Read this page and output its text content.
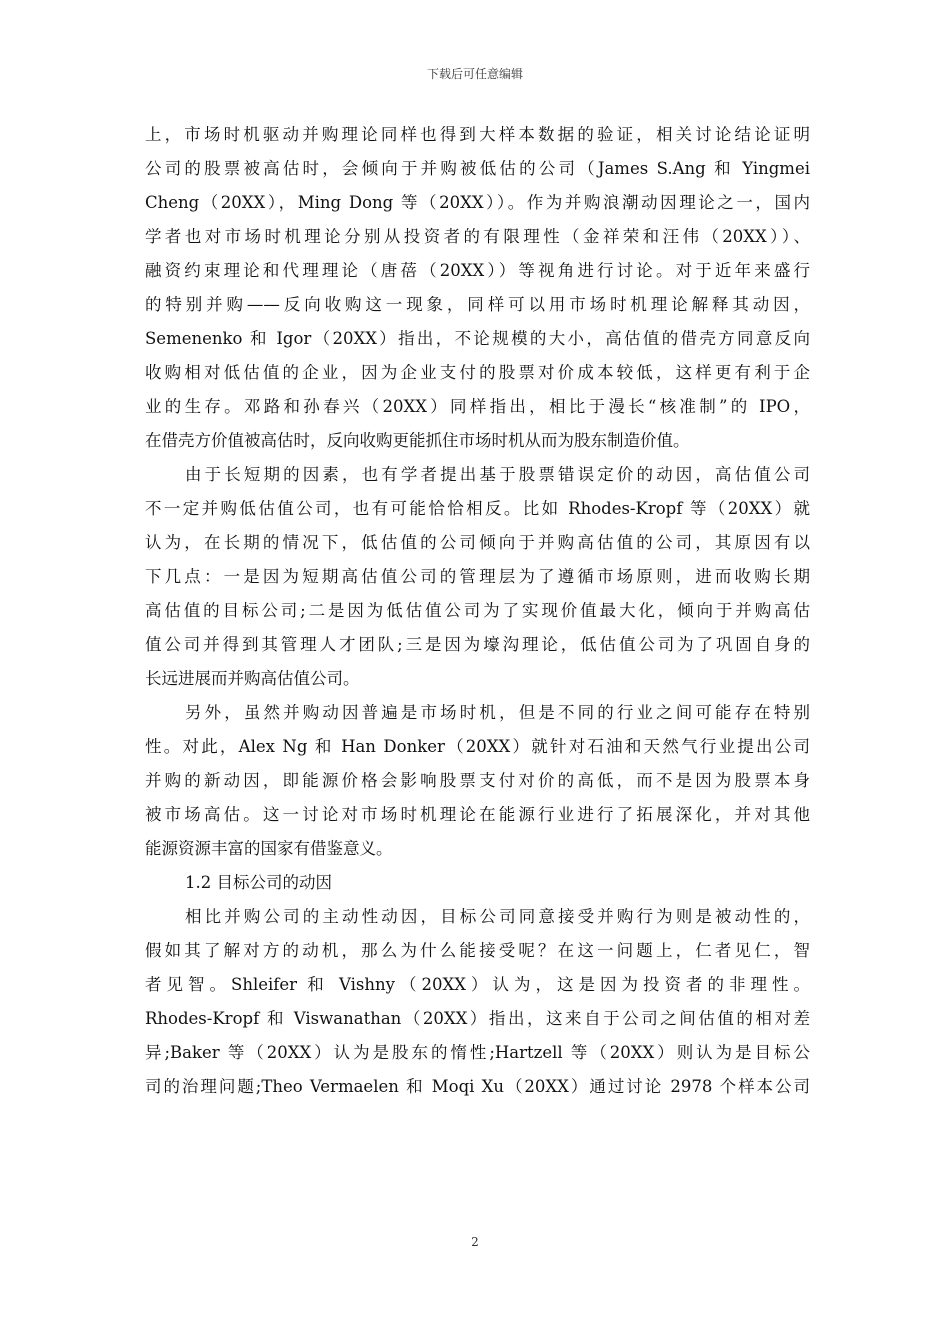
下载后可任意编辑
上，市场时机驱动并购理论同样也得到大样本数据的验证，相关讨论结论证明
公司的股票被高估时，会倾向于并购被低估的公司（James S.Ang 和 Yingmei
Cheng（20XX），Ming Dong 等（20XX））。作为并购浪潮动因理论之一，国内
学者也对市场时机理论分别从投资者的有限理性（金祥荣和汪伟（20XX））、
融资约束理论和代理理论（唐蓓（20XX））等视角进行讨论。对于近年来盛行
的特别并购——反向收购这一现象，同样可以用市场时机理论解释其动因，
Semenenko 和 Igor（20XX）指出，不论规模的大小，高估值的借壳方同意反向
收购相对低估值的企业，因为企业支付的股票对价成本较低，这样更有利于企
业的生存。邓路和孙春兴（20XX）同样指出，相比于漫长“核准制”的 IPO，
在借壳方价值被高估时，反向收购更能抓住市场时机从而为股东制造价值。
由于长短期的因素，也有学者提出基于股票错误定价的动因，高估值公司
不一定并购低估值公司，也有可能恰恰相反。比如 Rhodes-Kropf 等（20XX）就
认为，在长期的情况下，低估值的公司倾向于并购高估值的公司，其原因有以
下几点：一是因为短期高估值公司的管理层为了遵循市场原则，进而收购长期
高估值的目标公司;二是因为低估值公司为了实现价值最大化，倾向于并购高估
值公司并得到其管理人才团队;三是因为壕沟理论，低估值公司为了巩固自身的
长远进展而并购高估值公司。
另外，虽然并购动因普遍是市场时机，但是不同的行业之间可能存在特别
性。对此，Alex Ng 和 Han Donker（20XX）就针对石油和天然气行业提出公司
并购的新动因，即能源价格会影响股票支付对价的高低，而不是因为股票本身
被市场高估。这一讨论对市场时机理论在能源行业进行了拓展深化，并对其他
能源资源丰富的国家有借鉴意义。
1.2 目标公司的动因
相比并购公司的主动性动因，目标公司同意接受并购行为则是被动性的，
假如其了解对方的动机，那么为什么能接受呢？在这一问题上，仁者见仁，智
者见智。Shleifer 和 Vishny（20XX）认为，这是因为投资者的非理性。
Rhodes-Kropf 和 Viswanathan（20XX）指出，这来自于公司之间估值的相对差
异;Baker 等（20XX）认为是股东的惰性;Hartzell 等（20XX）则认为是目标公
司的治理问题;Theo Vermaelen 和 Moqi Xu（20XX）通过讨论 2978 个样本公司
2
